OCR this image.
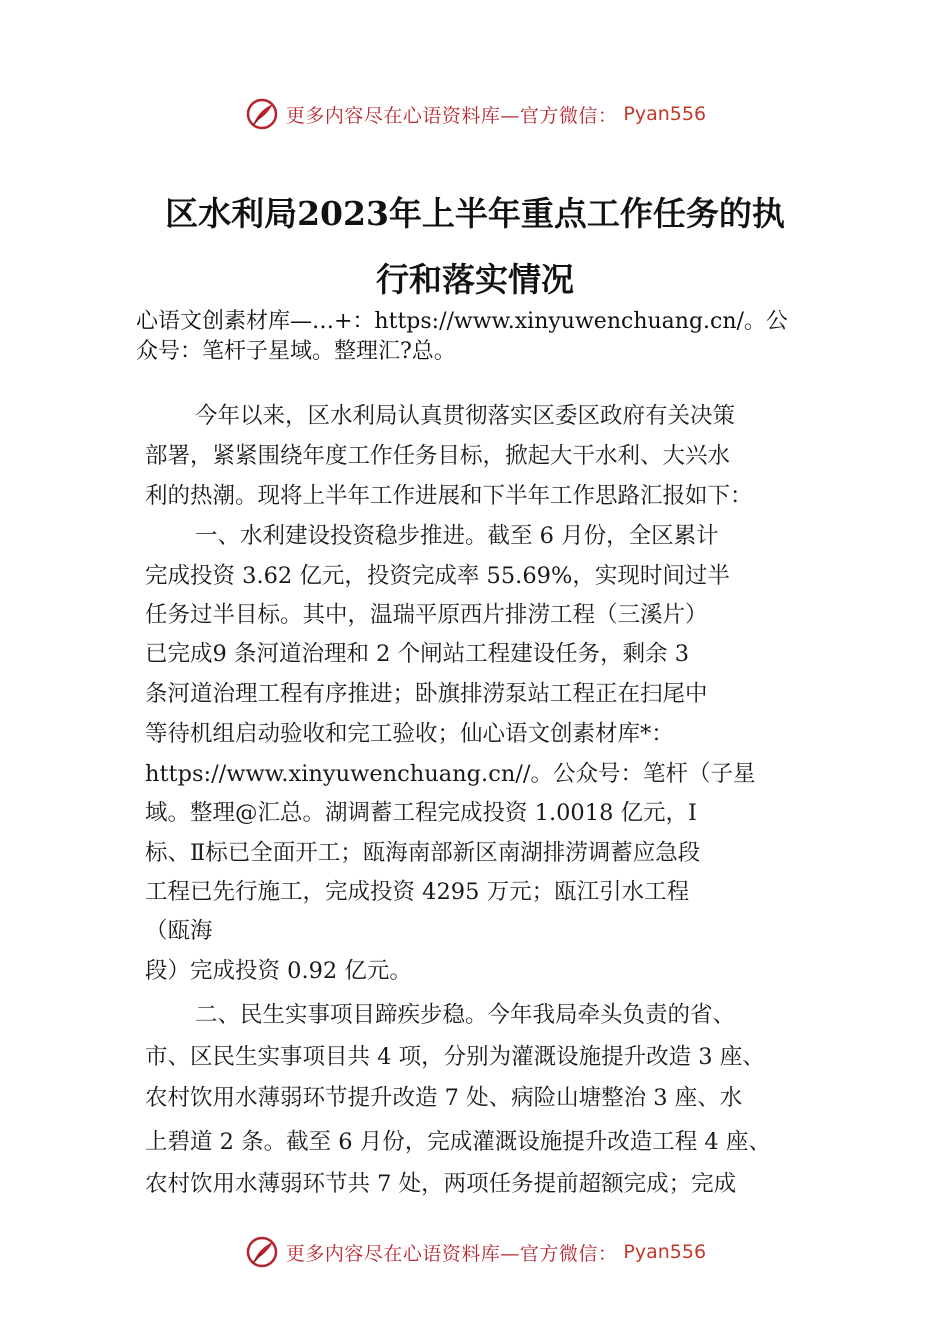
更多内容尽在心语资料库—官方微信： Pyan556
区水利局2023年上半年重点工作任务的执
行和落实情况
心语文创素材库—…+：https://www.xinyuwenchuang.cn/。公
众号：笔杆子星域。整理汇?总。
今年以来，区水利局认真贯彻落实区委区政府有关决策
部署，紧紧围绕年度工作任务目标，掀起大干水利、大兴水
利的热潮。现将上半年工作进展和下半年工作思路汇报如下：
一、水利建设投资稳步推进。截至 6 月份，全区累计
完成投资 3.62 亿元，投资完成率 55.69%，实现时间过半
任务过半目标。其中，温瑞平原西片排涝工程（三溪片）
已完成9 条河道治理和 2 个闸站工程建设任务，剩余 3
条河道治理工程有序推进；卧旗排涝泵站工程正在扫尾中
等待机组启动验收和完工验收；仙心语文创素材库*：
https://www.xinyuwenchuang.cn//。公众号：笔杆（子星
域。整理@汇总。湖调蓄工程完成投资 1.0018 亿元，Ⅰ
标、Ⅱ标已全面开工；瓯海南部新区南湖排涝调蓄应急段
工程已先行施工，完成投资 4295 万元；瓯江引水工程
（瓯海
段）完成投资 0.92 亿元。
二、民生实事项目蹄疾步稳。今年我局牵头负责的省、
市、区民生实事项目共 4 项，分别为灌溉设施提升改造 3 座、
农村饮用水薄弱环节提升改造 7 处、病险山塘整治 3 座、水
上碧道 2 条。截至 6 月份，完成灌溉设施提升改造工程 4 座、
农村饮用水薄弱环节共 7 处，两项任务提前超额完成；完成
更多内容尽在心语资料库—官方微信： Pyan556
